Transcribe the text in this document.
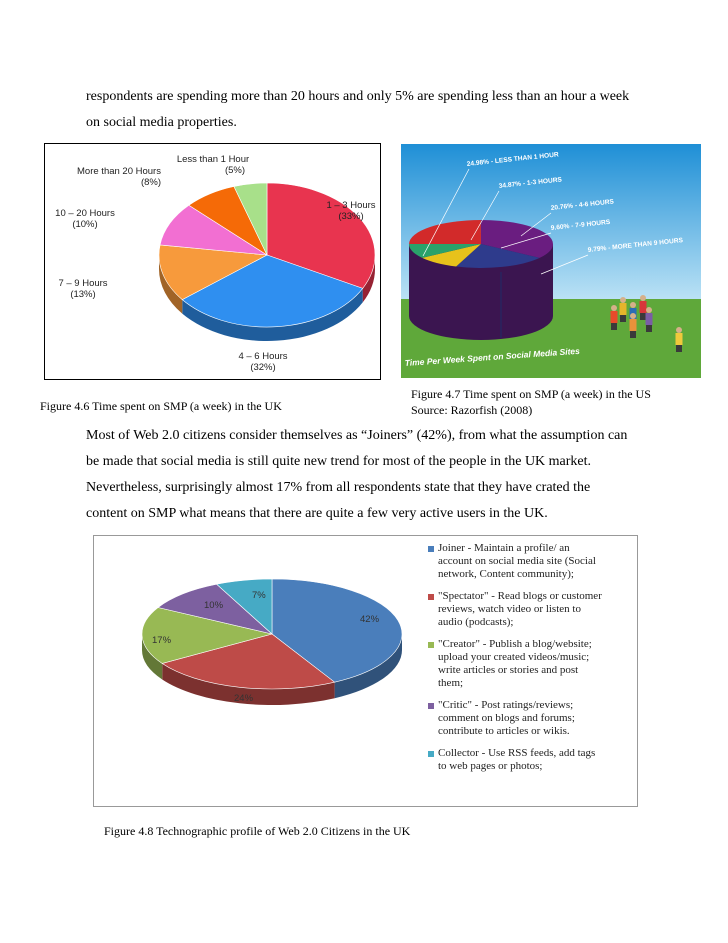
respondents are spending more than 20 hours and only 5% are spending less than an hour a week
on social media properties.
Less than 1 Hour
(5%)
More than 20 Hours
(8%)
10 – 20 Hours
(10%)
7 – 9 Hours
(13%)
1 – 3 Hours
(33%)
4 – 6 Hours
(32%)
Figure 4.6 Time spent on SMP (a week) in the UK
24.98% - LESS THAN 1 HOUR
34.87% - 1-3 HOURS
20.76% - 4-6 HOURS
9.60% - 7-9 HOURS
9.79% - MORE THAN 9 HOURS
Time Per Week Spent on Social Media Sites
Figure 4.7 Time spent on SMP (a week) in the US
Source: Razorfish (2008)
Most of Web 2.0 citizens consider themselves as “Joiners” (42%), from what the assumption can
be made that social media is still quite new trend for most of the people in the UK market.
Nevertheless, surprisingly almost 17% from all respondents state that they have crated the
content on SMP what means that there are quite a few very active users in the UK.
42%
24%
17%
10%
7%
Joiner - Maintain a profile/ an
account on social media site (Social
network, Content community);
"Spectator" - Read blogs or customer
reviews, watch video or listen to
audio (podcasts);
"Creator" - Publish a blog/website;
upload your created videos/music;
write articles or stories and post
them;
"Critic" - Post ratings/reviews;
comment on blogs and forums;
contribute to articles or wikis.
Collector - Use RSS feeds, add tags
to web pages or photos;
Figure 4.8 Technographic profile of Web 2.0 Citizens in the UK
